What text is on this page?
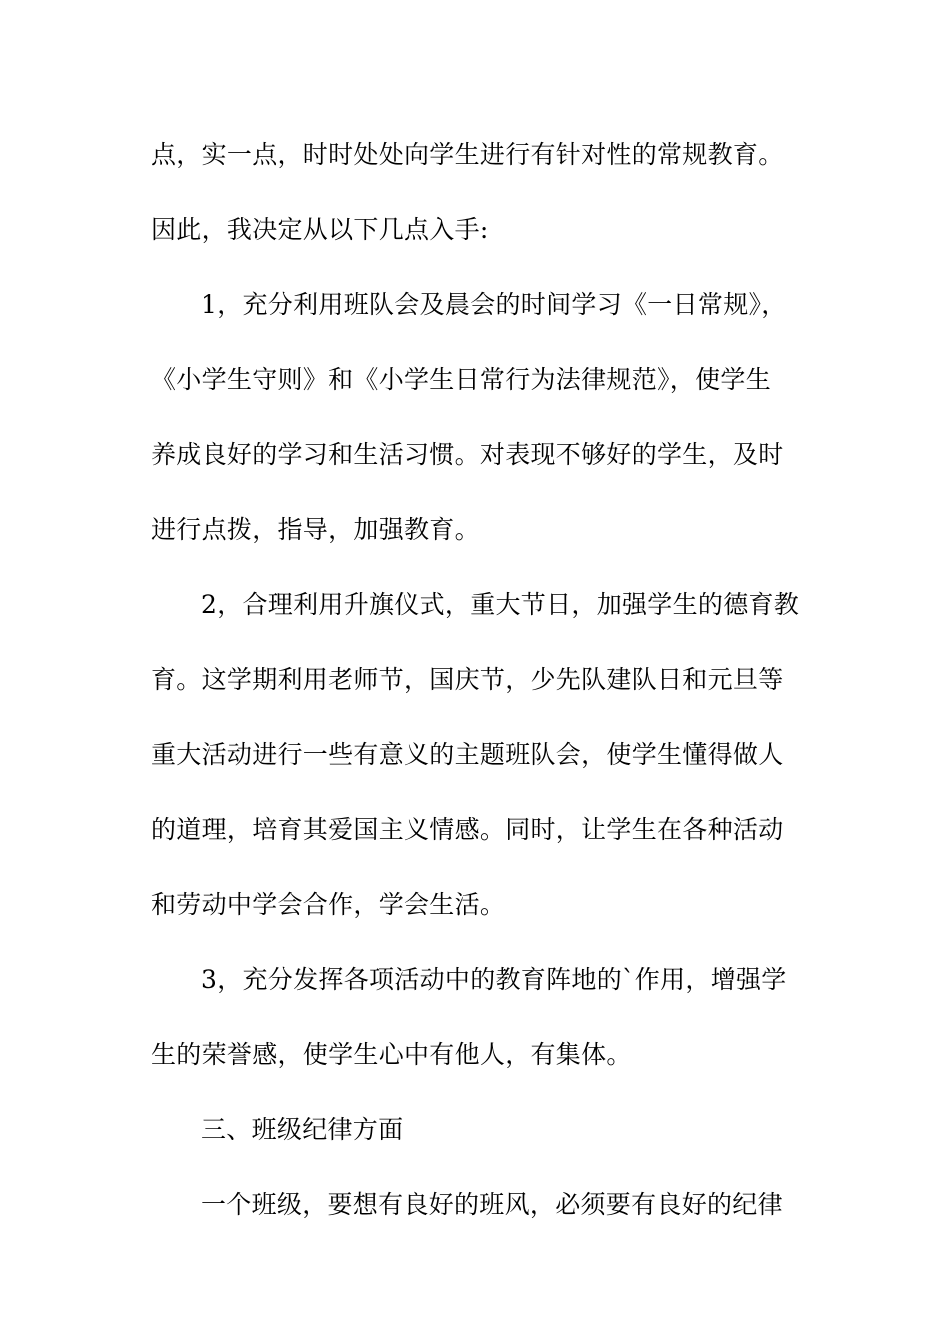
点，实一点，时时处处向学生进行有针对性的常规教育。
因此，我决定从以下几点入手:
1，充分利用班队会及晨会的时间学习《一日常规》，
《小学生守则》和《小学生日常行为法律规范》，使学生
养成良好的学习和生活习惯。对表现不够好的学生，及时
进行点拨，指导，加强教育。
2，合理利用升旗仪式，重大节日，加强学生的德育教
育。这学期利用老师节，国庆节，少先队建队日和元旦等
重大活动进行一些有意义的主题班队会，使学生懂得做人
的道理，培育其爱国主义情感。同时，让学生在各种活动
和劳动中学会合作，学会生活。
3，充分发挥各项活动中的教育阵地的`作用，增强学
生的荣誉感，使学生心中有他人，有集体。
三、班级纪律方面
一个班级，要想有良好的班风，必须要有良好的纪律
